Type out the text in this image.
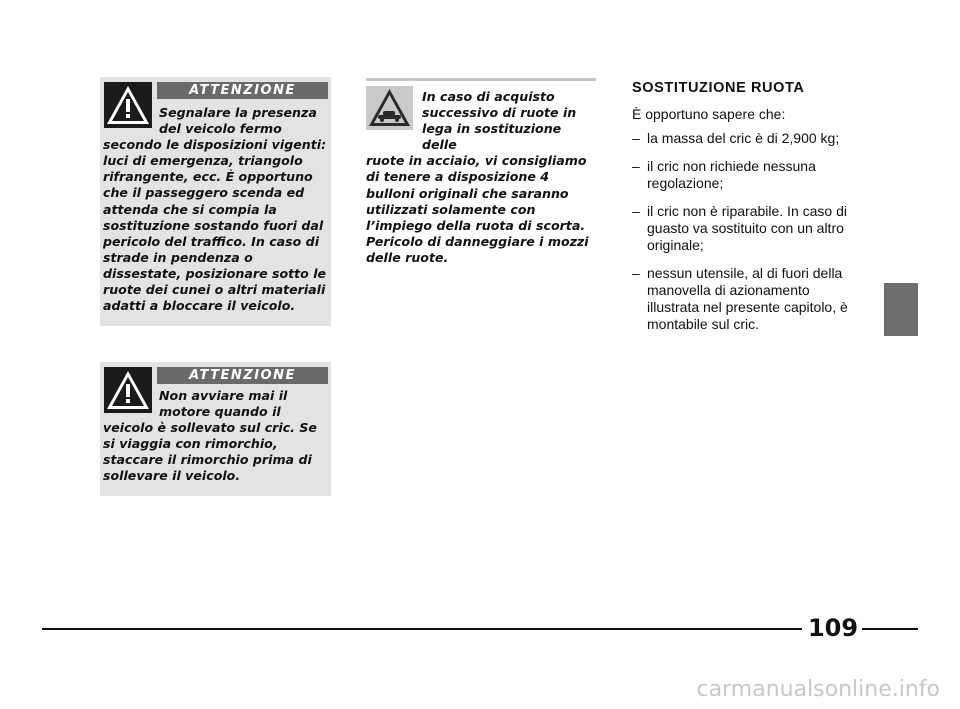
ATTENZIONE
Segnalare la presenza del veicolo fermo
secondo le disposizioni vigenti: luci di emergenza, triangolo rifrangente, ecc. È opportuno che il passeggero scenda ed attenda che si compia la sostituzione sostando fuori dal pericolo del traffico. In caso di strade in pendenza o dissestate, posizionare sotto le ruote dei cunei o altri materiali adatti a bloccare il veicolo.
ATTENZIONE
Non avviare mai il motore quando il
veicolo è sollevato sul cric. Se si viaggia con rimorchio, staccare il rimorchio prima di sollevare il veicolo.
In caso di acquisto successivo di ruote in lega in sostituzione delle
ruote in acciaio, vi consigliamo di tenere a disposizione 4 bulloni originali che saranno utilizzati solamente con l’impiego della ruota di scorta. Pericolo di danneggiare i mozzi delle ruote.
SOSTITUZIONE RUOTA
È opportuno sapere che:
– la massa del cric è di 2,900 kg;
– il cric non richiede nessuna regolazione;
– il cric non è riparabile. In caso di guasto va sostituito con un altro originale;
– nessun utensile, al di fuori della manovella di azionamento illustrata nel presente capitolo, è montabile sul cric.
109
carmanualsonline.info
